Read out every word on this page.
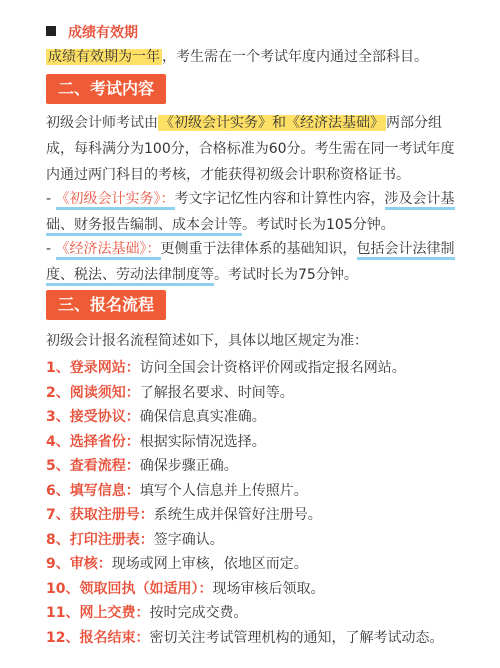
成绩有效期
成绩有效期为一年 ，考生需在一个考试年度内通过全部科目。
二、考试内容
初级会计师考试由 《初级会计实务》和《经济法基础》 两部分组成，每科满分为100分，合格标准为60分。考生需在同一考试年度内通过两门科目的考核，才能获得初级会计职称资格证书。
- 《初级会计实务》：考文字记忆性内容和计算性内容，涉及会计基础、财务报告编制、成本会计等。考试时长为105分钟。
- 《经济法基础》：更侧重于法律体系的基础知识，包括会计法律制度、税法、劳动法律制度等。考试时长为75分钟。
三、报名流程
初级会计报名流程简述如下，具体以地区规定为准：
1、登录网站：访问全国会计资格评价网或指定报名网站。
2、阅读须知：了解报名要求、时间等。
3、接受协议：确保信息真实准确。
4、选择省份：根据实际情况选择。
5、查看流程：确保步骤正确。
6、填写信息：填写个人信息并上传照片。
7、获取注册号：系统生成并保管好注册号。
8、打印注册表：签字确认。
9、审核：现场或网上审核，依地区而定。
10、领取回执（如适用）：现场审核后领取。
11、网上交费：按时完成交费。
12、报名结束：密切关注考试管理机构的通知，了解考试动态。
